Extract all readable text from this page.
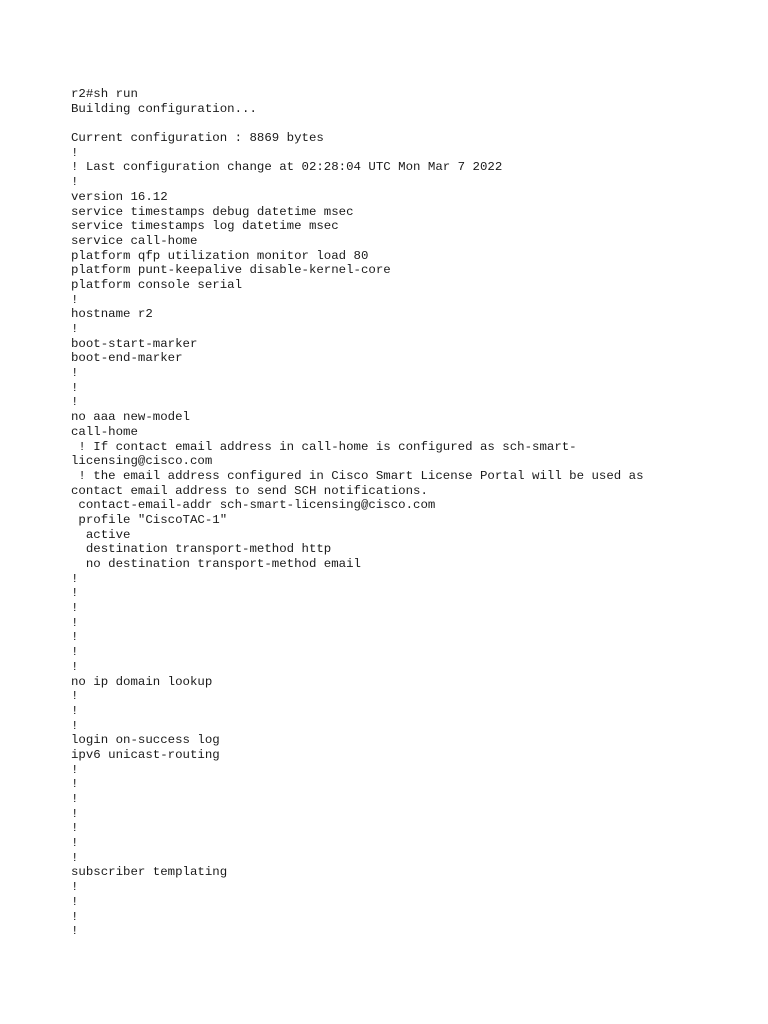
r2#sh run
Building configuration...
Current configuration : 8869 bytes
!
! Last configuration change at 02:28:04 UTC Mon Mar 7 2022
!
version 16.12
service timestamps debug datetime msec
service timestamps log datetime msec
service call-home
platform qfp utilization monitor load 80
platform punt-keepalive disable-kernel-core
platform console serial
!
hostname r2
!
boot-start-marker
boot-end-marker
!
!
!
no aaa new-model
call-home
! If contact email address in call-home is configured as sch-smart-
licensing@cisco.com
! the email address configured in Cisco Smart License Portal will be used as
contact email address to send SCH notifications.
contact-email-addr sch-smart-licensing@cisco.com
profile "CiscoTAC-1"
active
destination transport-method http
no destination transport-method email
!
!
!
!
!
!
!
no ip domain lookup
!
!
!
login on-success log
ipv6 unicast-routing
!
!
!
!
!
!
!
subscriber templating
!
!
!
!
